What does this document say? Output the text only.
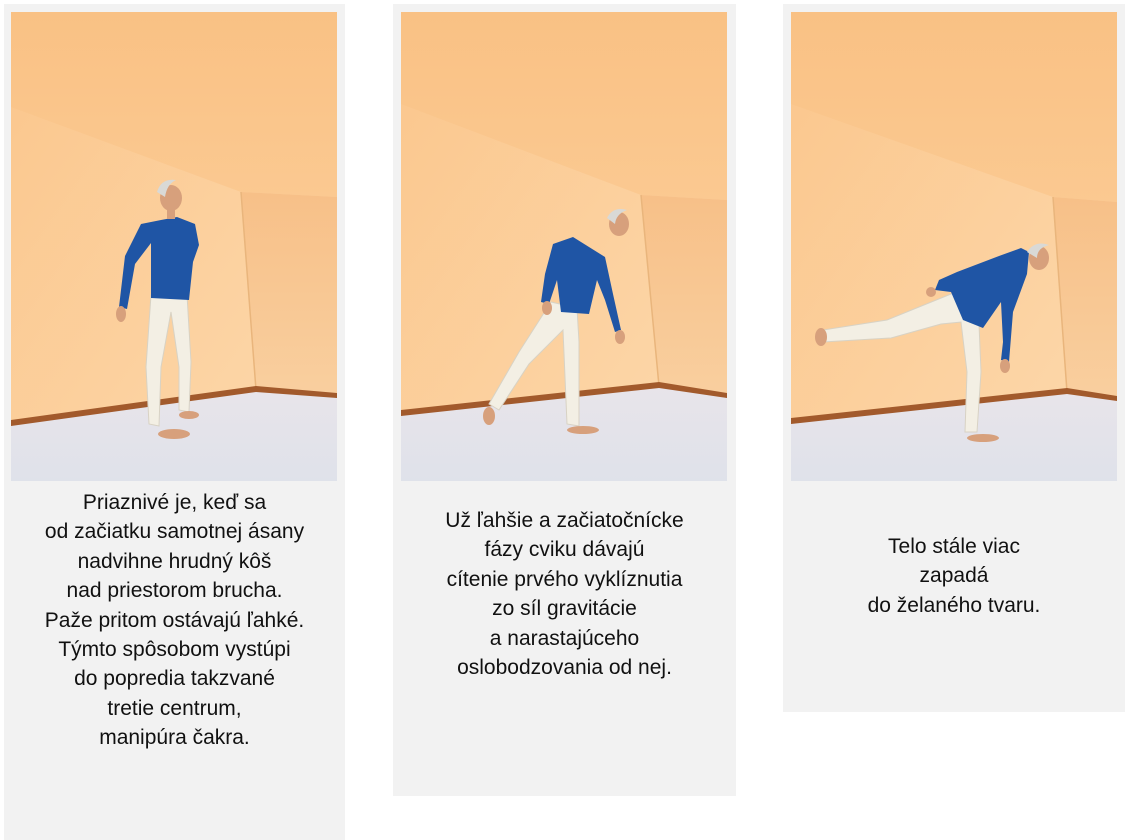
Priaznivé je, keď sa
od začiatku samotnej ásany
nadvihne hrudný kôš
nad priestorom brucha.
Paže pritom ostávajú ľahké.
Týmto spôsobom vystúpi
do popredia takzvané
tretie centrum,
manipúra čakra.
Už ľahšie a začiatočnícke
fázy cviku dávajú
cítenie prvého vyklíznutia
zo síl gravitácie
a narastajúceho
oslobodzovania od nej.
Telo stále viac
zapadá
do želaného tvaru.
